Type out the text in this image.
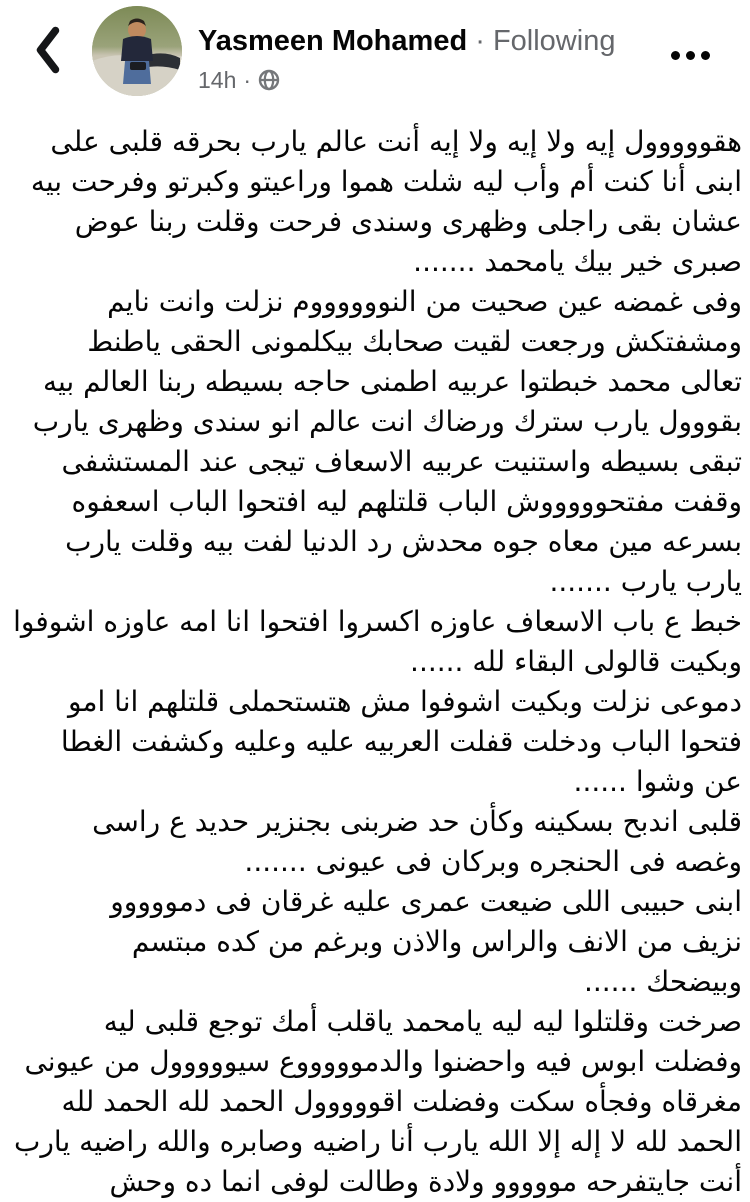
Yasmeen Mohamed · Following
14h ·
هقووووول إيه ولا إيه ولا إيه أنت عالم يارب بحرقه قلبى على
ابنى أنا كنت أم وأب ليه شلت هموا وراعيتو وكبرتو وفرحت بيه
عشان بقى راجلى وظهرى وسندى فرحت وقلت ربنا عوض
صبرى خير بيك يامحمد .......
وفى غمضه عين صحيت من النووووووم نزلت وانت نايم
ومشفتكش ورجعت لقيت صحابك بيكلمونى الحقى ياطنط
تعالى محمد خبطتوا عربيه اطمنى حاجه بسيطه ربنا العالم بيه
بقووول يارب سترك ورضاك انت عالم انو سندى وظهرى يارب
تبقى بسيطه واستنيت عربيه الاسعاف تيجى عند المستشفى
وقفت مفتحوووووش الباب قلتلهم ليه افتحوا الباب اسعفوه
بسرعه مين معاه جوه محدش رد الدنيا لفت بيه وقلت يارب
يارب يارب .......
خبط ع باب الاسعاف عاوزه اكسروا افتحوا انا امه عاوزه اشوفوا
وبكيت قالولى البقاء لله ......
دموعى نزلت وبكيت اشوفوا مش هتستحملى قلتلهم انا امو
فتحوا الباب ودخلت قفلت العربيه عليه وعليه وكشفت الغطا
عن وشوا ......
قلبى اندبح بسكينه وكأن حد ضربنى بجنزير حديد ع راسى
وغصه فى الحنجره وبركان فى عيونى .......
ابنى حبيبى اللى ضيعت عمرى عليه غرقان فى دمووووو
نزيف من الانف والراس والاذن وبرغم من كده مبتسم
وبيضحك ......
صرخت وقلتلوا ليه ليه يامحمد ياقلب أمك توجع قلبى ليه
وفضلت ابوس فيه واحضنوا والدموووووع سيووووول من عيونى
مغرقاه وفجأه سكت وفضلت اقووووول الحمد لله الحمد لله
الحمد لله لا إله إلا الله يارب أنا راضيه وصابره والله راضيه يارب
أنت جايتفرحه مووووو ولادة وطالت لوفى انما ده وحش
